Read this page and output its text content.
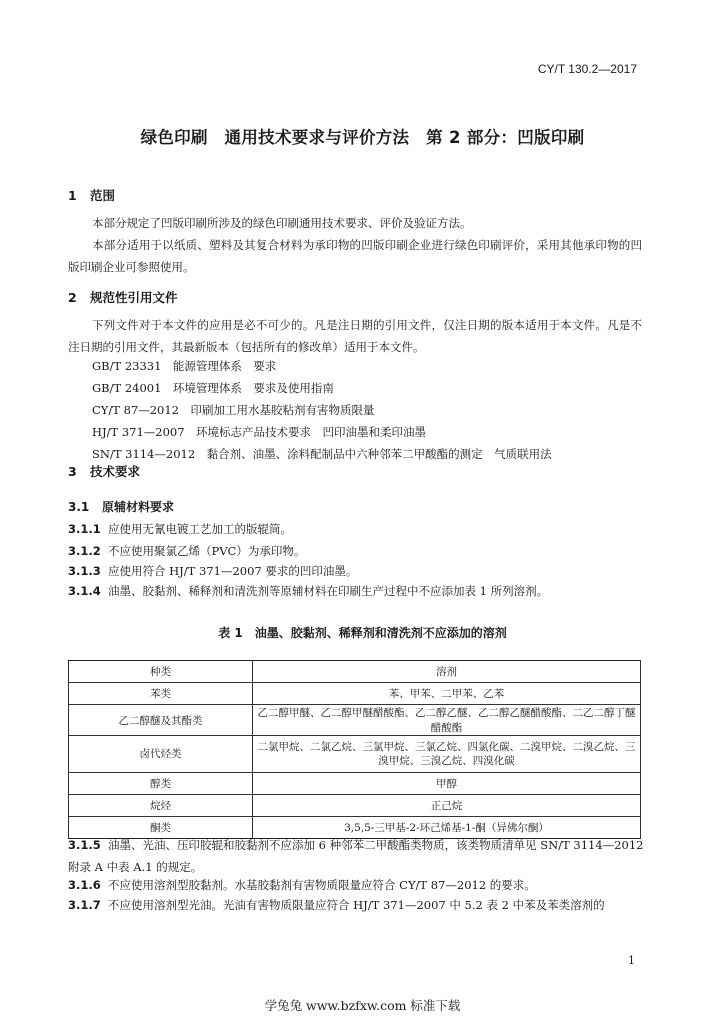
CY/T 130.2—2017
绿色印刷　通用技术要求与评价方法　第 2 部分：凹版印刷
1 范围
本部分规定了凹版印刷所涉及的绿色印刷通用技术要求、评价及验证方法。
本部分适用于以纸质、塑料及其复合材料为承印物的凹版印刷企业进行绿色印刷评价，采用其他承印物的凹版印刷企业可参照使用。
2 规范性引用文件
下列文件对于本文件的应用是必不可少的。凡是注日期的引用文件，仅注日期的版本适用于本文件。凡是不注日期的引用文件，其最新版本（包括所有的修改单）适用于本文件。
GB/T 23331　能源管理体系　要求
GB/T 24001　环境管理体系　要求及使用指南
CY/T 87—2012　印刷加工用水基胶粘剂有害物质限量
HJ/T 371—2007　环境标志产品技术要求　凹印油墨和柔印油墨
SN/T 3114—2012　黏合剂、油墨、涂料配制品中六种邻苯二甲酸酯的测定　气质联用法
3 技术要求
3.1 原辅材料要求
3.1.1 应使用无氰电镀工艺加工的版辊筒。
3.1.2 不应使用聚氯乙烯（PVC）为承印物。
3.1.3 应使用符合 HJ/T 371—2007 要求的凹印油墨。
3.1.4 油墨、胶黏剂、稀释剂和清洗剂等原辅材料在印刷生产过程中不应添加表 1 所列溶剂。
表 1　油墨、胶黏剂、稀释剂和清洗剂不应添加的溶剂
种类	溶剂
苯类	苯、甲苯、二甲苯、乙苯
乙二醇醚及其酯类	乙二醇甲醚、乙二醇甲醚醋酸酯、乙二醇乙醚、乙二醇乙醚醋酸酯、二乙二醇丁醚醋酸酯
卤代烃类	二氯甲烷、二氯乙烷、三氯甲烷、三氯乙烷、四氯化碳、二溴甲烷、二溴乙烷、三溴甲烷、三溴乙烷、四溴化碳
醇类	甲醇
烷烃	正己烷
酮类	3,5,5-三甲基-2-环己烯基-1-酮（异佛尔酮）
3.1.5 油墨、光油、压印胶辊和胶黏剂不应添加 6 种邻苯二甲酸酯类物质，该类物质清单见 SN/T 3114—2012 附录 A 中表 A.1 的规定。
3.1.6 不应使用溶剂型胶黏剂。水基胶黏剂有害物质限量应符合 CY/T 87—2012 的要求。
3.1.7 不应使用溶剂型光油。光油有害物质限量应符合 HJ/T 371—2007 中 5.2 表 2 中苯及苯类溶剂的
1
学兔兔 www.bzfxw.com 标准下载
